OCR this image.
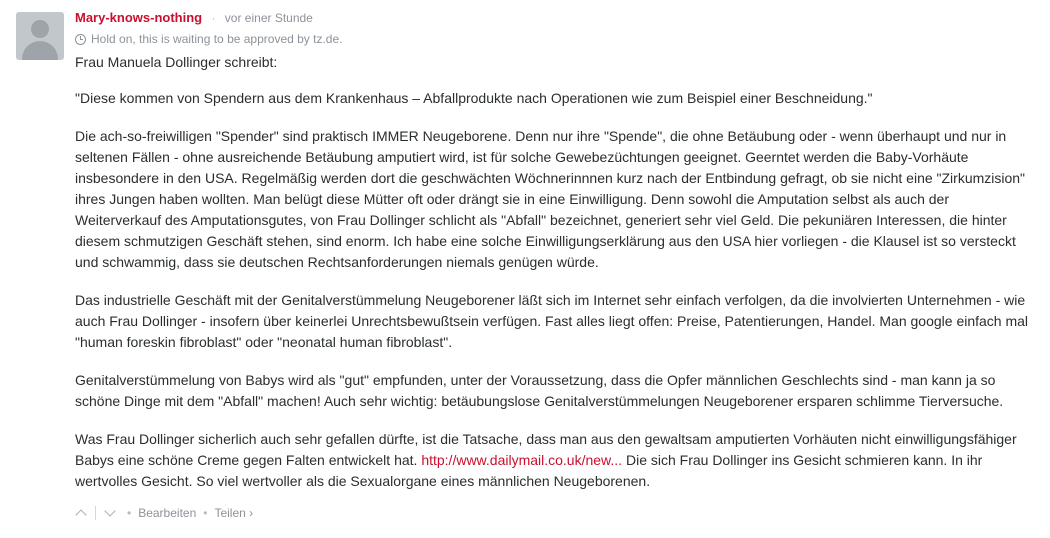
Mary-knows-nothing · vor einer Stunde
Hold on, this is waiting to be approved by tz.de.

Frau Manuela Dollinger schreibt:

"Diese kommen von Spendern aus dem Krankenhaus – Abfallprodukte nach Operationen wie zum Beispiel einer Beschneidung."

Die ach-so-freiwilligen "Spender" sind praktisch IMMER Neugeborene. Denn nur ihre "Spende", die ohne Betäubung oder - wenn überhaupt und nur in seltenen Fällen - ohne ausreichende Betäubung amputiert wird, ist für solche Gewebezüchtungen geeignet. Geerntet werden die Baby-Vorhäute insbesondere in den USA. Regelmäßig werden dort die geschwächten Wöchnerinnnen kurz nach der Entbindung gefragt, ob sie nicht eine "Zirkumzision" ihres Jungen haben wollten. Man belügt diese Mütter oft oder drängt sie in eine Einwilligung. Denn sowohl die Amputation selbst als auch der Weiterverkauf des Amputationsgutes, von Frau Dollinger schlicht als "Abfall" bezeichnet, generiert sehr viel Geld. Die pekuniären Interessen, die hinter diesem schmutzigen Geschäft stehen, sind enorm. Ich habe eine solche Einwilligungserklärung aus den USA hier vorliegen - die Klausel ist so versteckt und schwammig, dass sie deutschen Rechtsanforderungen niemals genügen würde.

Das industrielle Geschäft mit der Genitalverstümmelung Neugeborener läßt sich im Internet sehr einfach verfolgen, da die involvierten Unternehmen - wie auch Frau Dollinger - insofern über keinerlei Unrechtsbewußtsein verfügen. Fast alles liegt offen: Preise, Patentierungen, Handel. Man google einfach mal "human foreskin fibroblast" oder "neonatal human fibroblast".

Genitalverstümmelung von Babys wird als "gut" empfunden, unter der Voraussetzung, dass die Opfer männlichen Geschlechts sind - man kann ja so schöne Dinge mit dem "Abfall" machen! Auch sehr wichtig: betäubungslose Genitalverstümmelungen Neugeborener ersparen schlimme Tierversuche.

Was Frau Dollinger sicherlich auch sehr gefallen dürfte, ist die Tatsache, dass man aus den gewaltsam amputierten Vorhäuten nicht einwilligungsfähiger Babys eine schöne Creme gegen Falten entwickelt hat. http://www.dailymail.co.uk/new... Die sich Frau Dollinger ins Gesicht schmieren kann. In ihr wertvolles Gesicht. So viel wertvoller als die Sexualorgane eines männlichen Neugeborenen.

• Bearbeiten • Teilen ›
